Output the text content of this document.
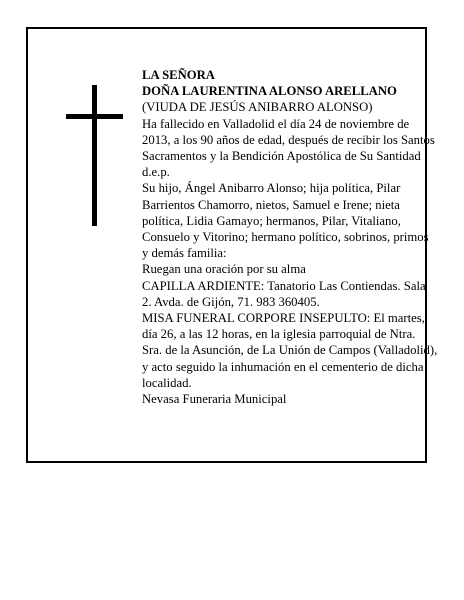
LA SEÑORA

DOÑA LAURENTINA ALONSO ARELLANO

(VIUDA DE JESÚS ANIBARRO ALONSO)

Ha fallecido en Valladolid el día 24 de noviembre de 2013, a los 90 años de edad, después de recibir los Santos Sacramentos y la Bendición Apostólica de Su Santidad

d.e.p.

Su hijo, Ángel Anibarro Alonso; hija política, Pilar Barrientos Chamorro, nietos, Samuel e Irene; nieta política, Lidia Gamayo; hermanos, Pilar, Vitaliano, Consuelo y Vitorino; hermano político, sobrinos, primos y demás familia:

Ruegan una oración por su alma

CAPILLA ARDIENTE: Tanatorio Las Contiendas. Sala 2. Avda. de Gijón, 71. 983 360405.

MISA FUNERAL CORPORE INSEPULTO: El martes, día 26, a las 12 horas, en la iglesia parroquial de Ntra. Sra. de la Asunción, de La Unión de Campos (Valladolid), y acto seguido la inhumación en el cementerio de dicha localidad.

Nevasa Funeraria Municipal
